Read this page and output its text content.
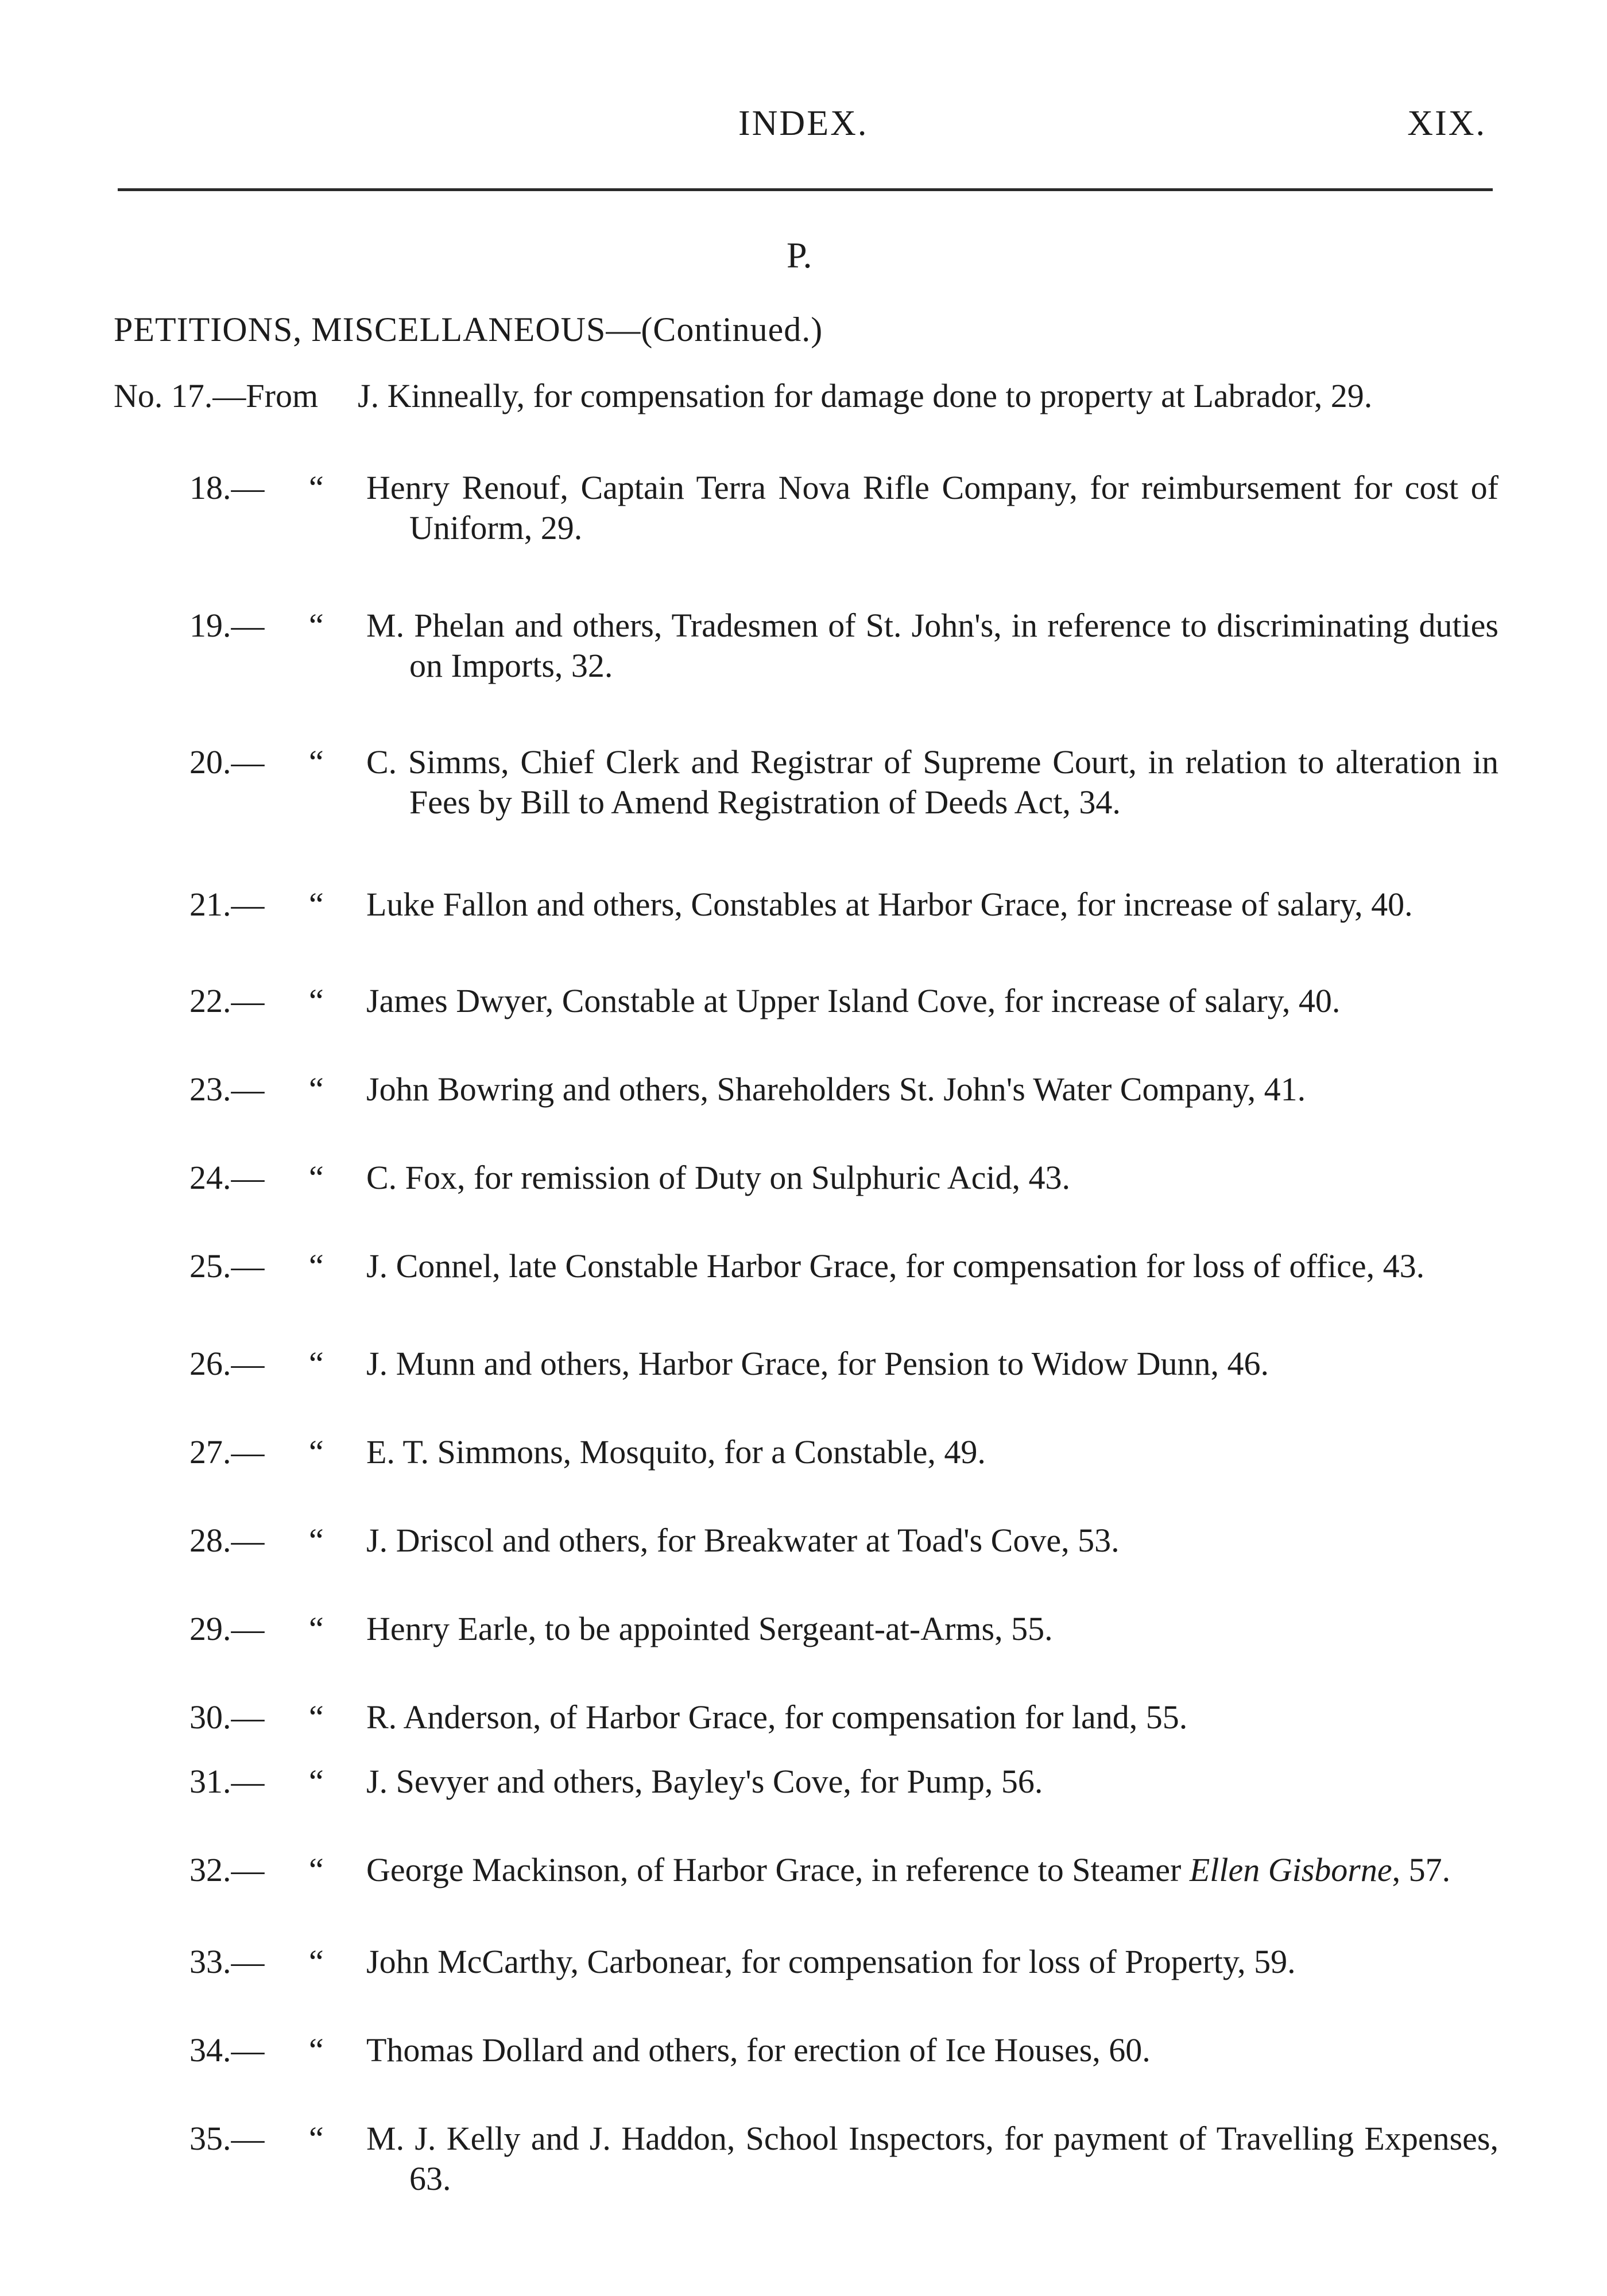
INDEX.	XIX.
P.
PETITIONS, MISCELLANEOUS—(Continued.)
No. 17.—From J. Kinneally, for compensation for damage done to property at Labrador, 29.
18.— “ Henry Renouf, Captain Terra Nova Rifle Company, for reimbursement for cost of Uniform, 29.
19.— “ M. Phelan and others, Tradesmen of St. John's, in reference to discriminating duties on Imports, 32.
20.— “ C. Simms, Chief Clerk and Registrar of Supreme Court, in relation to alteration in Fees by Bill to Amend Registration of Deeds Act, 34.
21.— “ Luke Fallon and others, Constables at Harbor Grace, for increase of salary, 40.
22.— “ James Dwyer, Constable at Upper Island Cove, for increase of salary, 40.
23.— “ John Bowring and others, Shareholders St. John's Water Company, 41.
24.— “ C. Fox, for remission of Duty on Sulphuric Acid, 43.
25.— “ J. Connel, late Constable Harbor Grace, for compensation for loss of office, 43.
26.— “ J. Munn and others, Harbor Grace, for Pension to Widow Dunn, 46.
27.— “ E. T. Simmons, Mosquito, for a Constable, 49.
28.— “ J. Driscol and others, for Breakwater at Toad's Cove, 53.
29.— “ Henry Earle, to be appointed Sergeant-at-Arms, 55.
30.— “ R. Anderson, of Harbor Grace, for compensation for land, 55.
31.— “ J. Sevyer and others, Bayley's Cove, for Pump, 56.
32.— “ George Mackinson, of Harbor Grace, in reference to Steamer Ellen Gisborne, 57.
33.— “ John McCarthy, Carbonear, for compensation for loss of Property, 59.
34.— “ Thomas Dollard and others, for erection of Ice Houses, 60.
35.— “ M. J. Kelly and J. Haddon, School Inspectors, for payment of Travelling Expenses, 63.
